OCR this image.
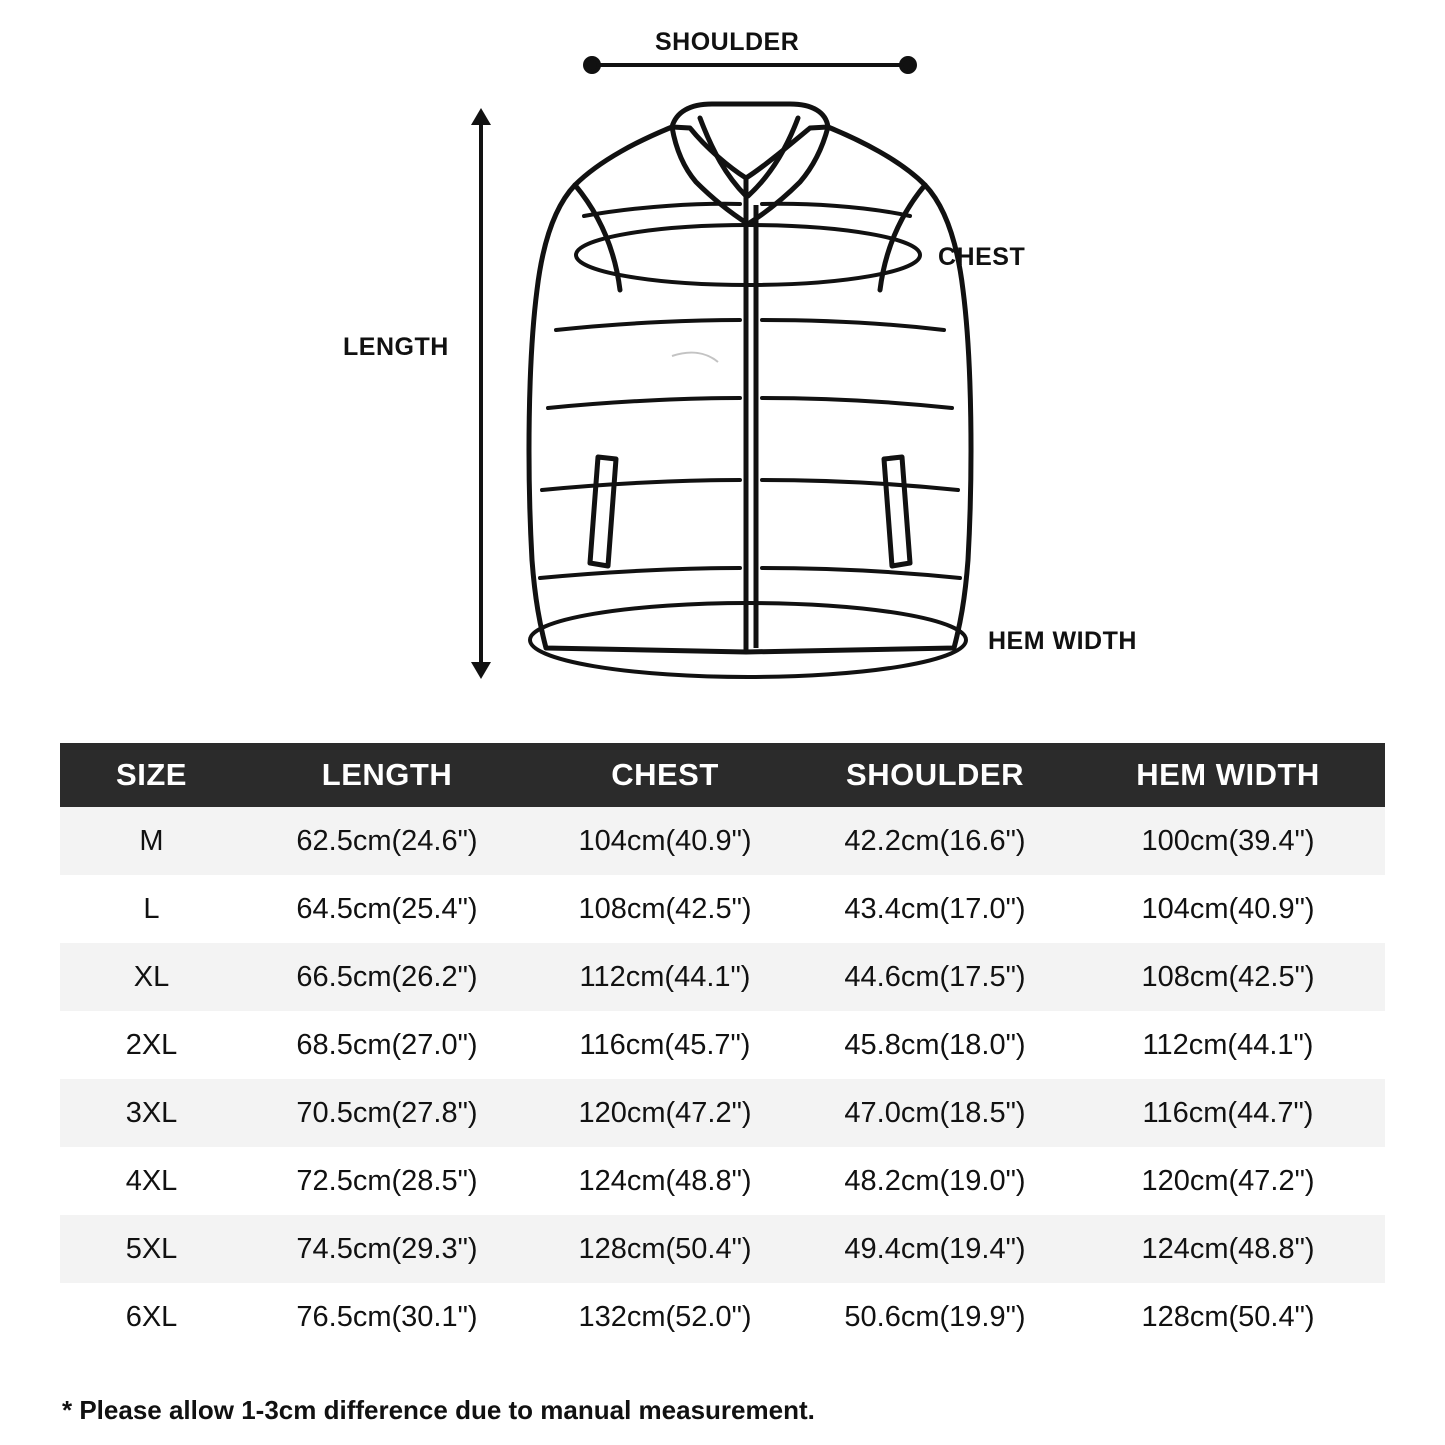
SHOULDER
CHEST
LENGTH
HEM WIDTH
SIZE	LENGTH	CHEST	SHOULDER	HEM WIDTH
M	62.5cm(24.6")	104cm(40.9")	42.2cm(16.6")	100cm(39.4")
L	64.5cm(25.4")	108cm(42.5")	43.4cm(17.0")	104cm(40.9")
XL	66.5cm(26.2")	112cm(44.1")	44.6cm(17.5")	108cm(42.5")
2XL	68.5cm(27.0")	116cm(45.7")	45.8cm(18.0")	112cm(44.1")
3XL	70.5cm(27.8")	120cm(47.2")	47.0cm(18.5")	116cm(44.7")
4XL	72.5cm(28.5")	124cm(48.8")	48.2cm(19.0")	120cm(47.2")
5XL	74.5cm(29.3")	128cm(50.4")	49.4cm(19.4")	124cm(48.8")
6XL	76.5cm(30.1")	132cm(52.0")	50.6cm(19.9")	128cm(50.4")
* Please allow 1-3cm difference due to manual measurement.
